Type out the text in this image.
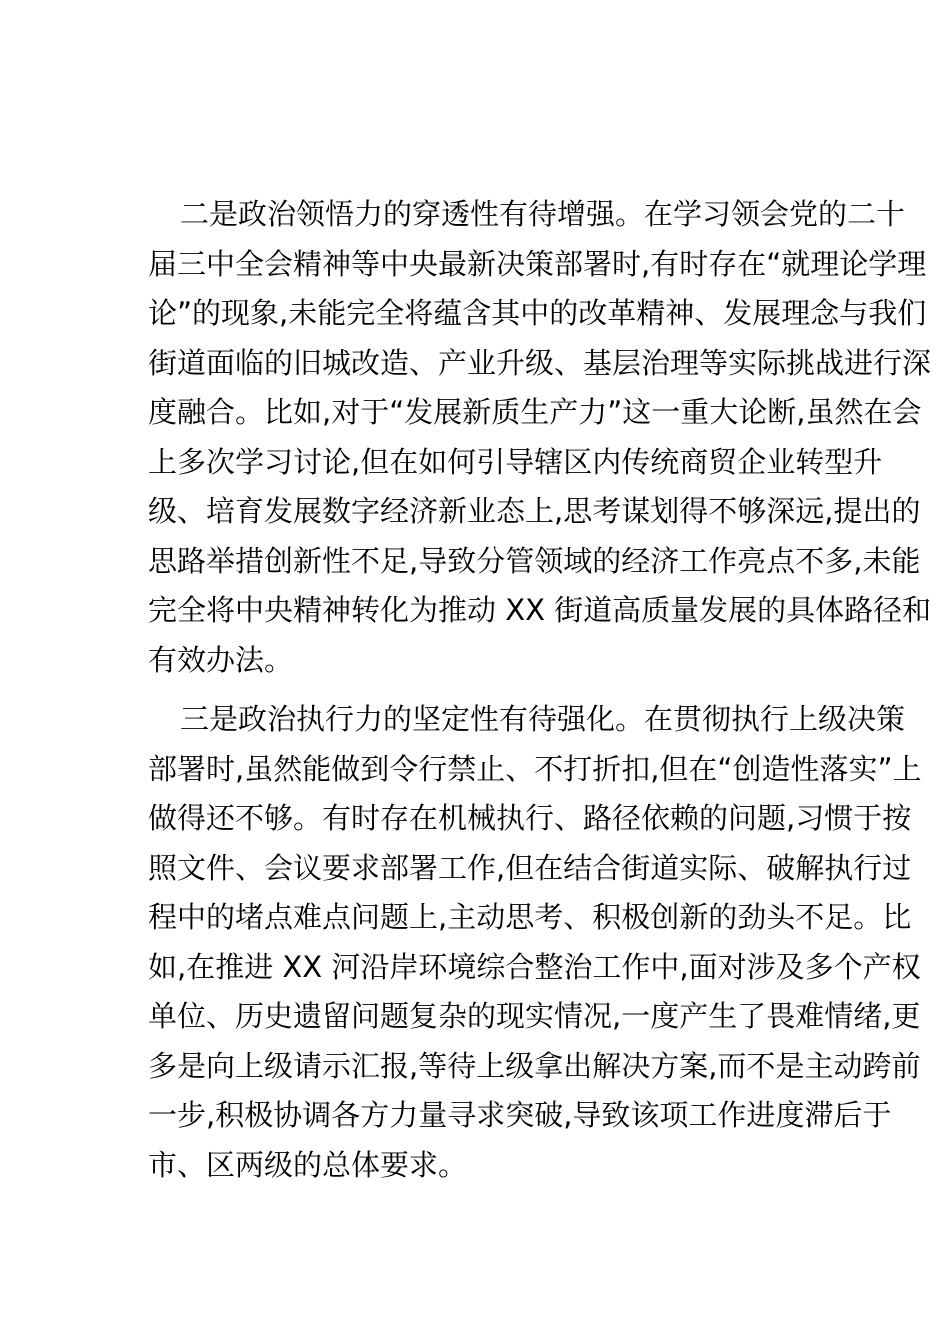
二是政治领悟力的穿透性有待增强。在学习领会党的二十
届三中全会精神等中央最新决策部署时,有时存在“就理论学理
论”的现象,未能完全将蕴含其中的改革精神、发展理念与我们
街道面临的旧城改造、产业升级、基层治理等实际挑战进行深
度融合。比如,对于“发展新质生产力”这一重大论断,虽然在会
上多次学习讨论,但在如何引导辖区内传统商贸企业转型升
级、培育发展数字经济新业态上,思考谋划得不够深远,提出的
思路举措创新性不足,导致分管领域的经济工作亮点不多,未能
完全将中央精神转化为推动 XX 街道高质量发展的具体路径和
有效办法。
三是政治执行力的坚定性有待强化。在贯彻执行上级决策
部署时,虽然能做到令行禁止、不打折扣,但在“创造性落实”上
做得还不够。有时存在机械执行、路径依赖的问题,习惯于按
照文件、会议要求部署工作,但在结合街道实际、破解执行过
程中的堵点难点问题上,主动思考、积极创新的劲头不足。比
如,在推进 XX 河沿岸环境综合整治工作中,面对涉及多个产权
单位、历史遗留问题复杂的现实情况,一度产生了畏难情绪,更
多是向上级请示汇报,等待上级拿出解决方案,而不是主动跨前
一步,积极协调各方力量寻求突破,导致该项工作进度滞后于
市、区两级的总体要求。
